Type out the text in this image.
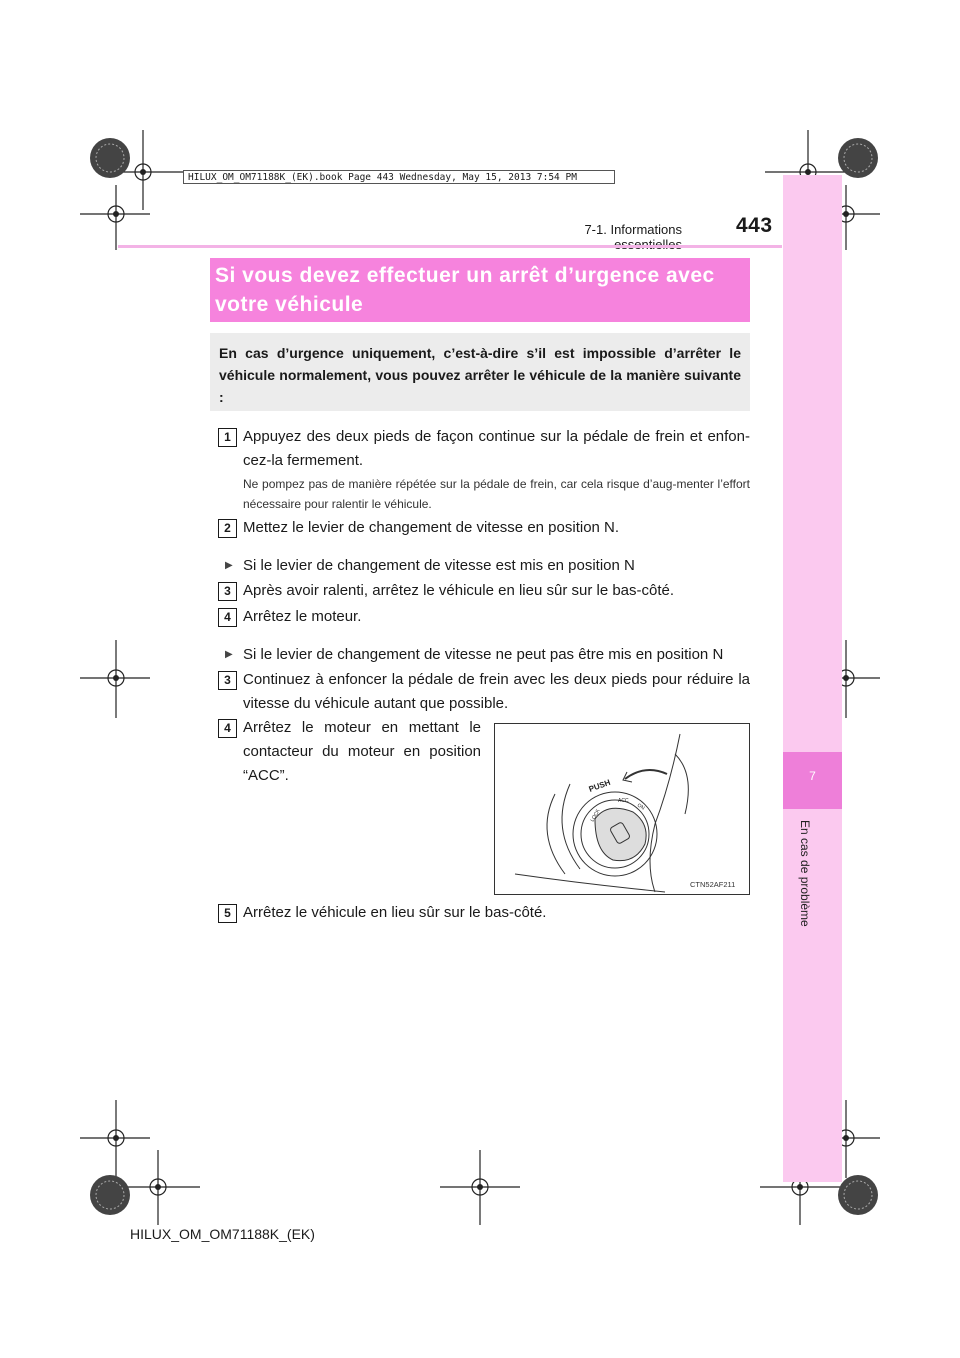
7
En cas de problème
HILUX_OM_OM71188K_(EK).book Page 443 Wednesday, May 15, 2013 7:54 PM
7-1. Informations	443
Si vous devez effectuer un arrêt d’urgence avec votre véhicule
En cas d’urgence uniquement, c’est-à-dire s’il est impossible d’arrêter le véhicule normalement, vous pouvez arrêter le véhicule de la manière suivante :
1 Appuyez des deux pieds de façon continue sur la pédale de frein et enfon-cez-la fermement.
Ne pompez pas de manière répétée sur la pédale de frein, car cela risque d’aug-menter l’effort nécessaire pour ralentir le véhicule.
2 Mettez le levier de changement de vitesse en position N.
▶ Si le levier de changement de vitesse est mis en position N
3 Après avoir ralenti, arrêtez le véhicule en lieu sûr sur le bas-côté.
4 Arrêtez le moteur.
▶ Si le levier de changement de vitesse ne peut pas être mis en position N
3 Continuez à enfoncer la pédale de frein avec les deux pieds pour réduire la vitesse du véhicule autant que possible.
4 Arrêtez le moteur en mettant le contacteur du moteur en position “ACC”.
5 Arrêtez le véhicule en lieu sûr sur le bas-côté.
PUSH
LOCK
ACC
ON
CTN52AF211
HILUX_OM_OM71188K_(EK)
